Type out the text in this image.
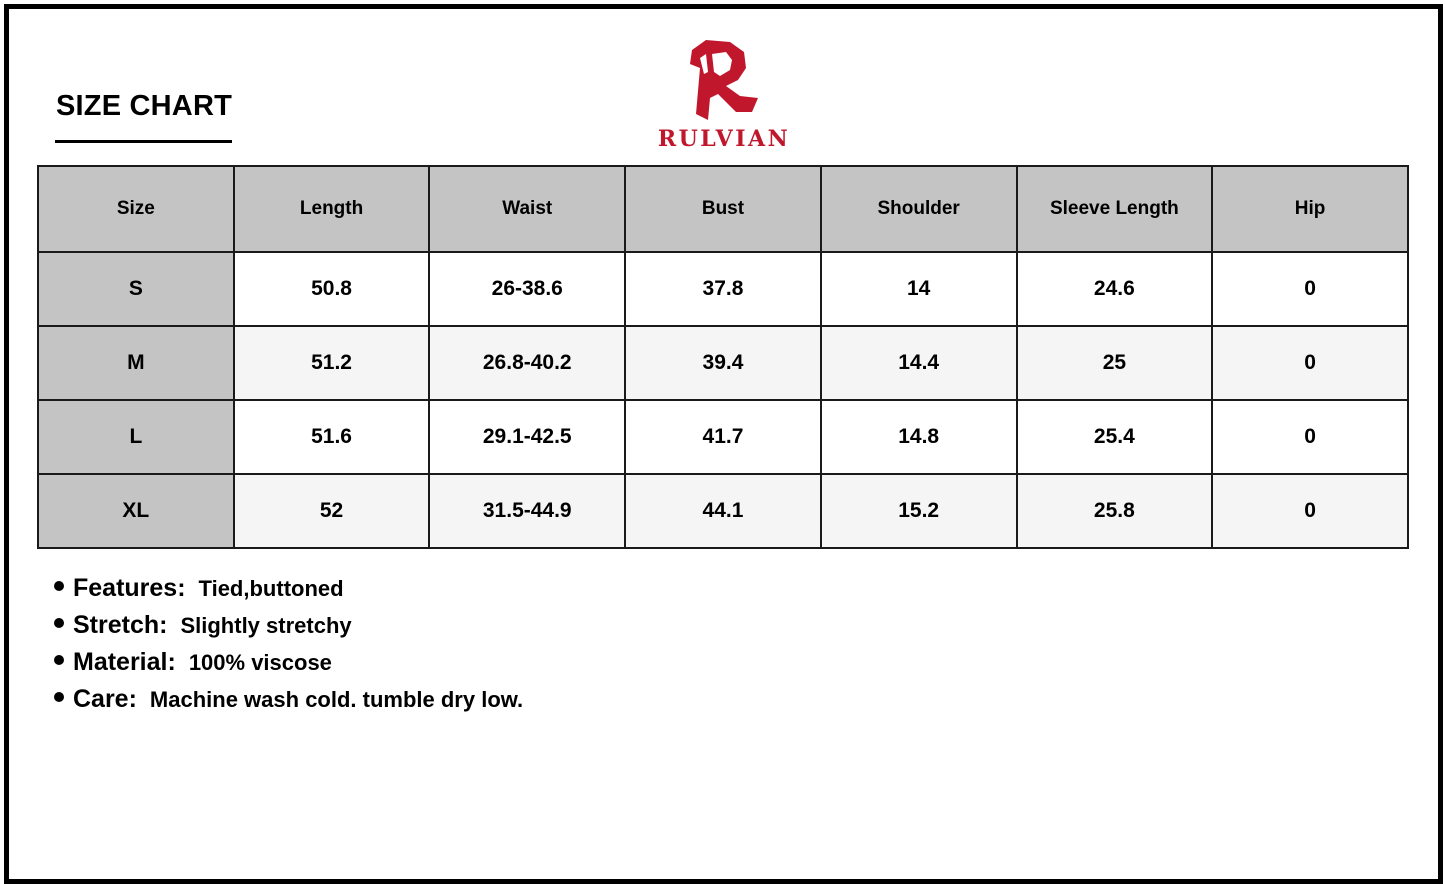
SIZE CHART
RULVIAN
Size	Length	Waist	Bust	Shoulder	Sleeve Length	Hip
S	50.8	26-38.6	37.8	14	24.6	0
M	51.2	26.8-40.2	39.4	14.4	25	0
L	51.6	29.1-42.5	41.7	14.8	25.4	0
XL	52	31.5-44.9	44.1	15.2	25.8	0
Features: Tied,buttoned
Stretch: Slightly stretchy
Material: 100% viscose
Care: Machine wash cold. tumble dry low.
